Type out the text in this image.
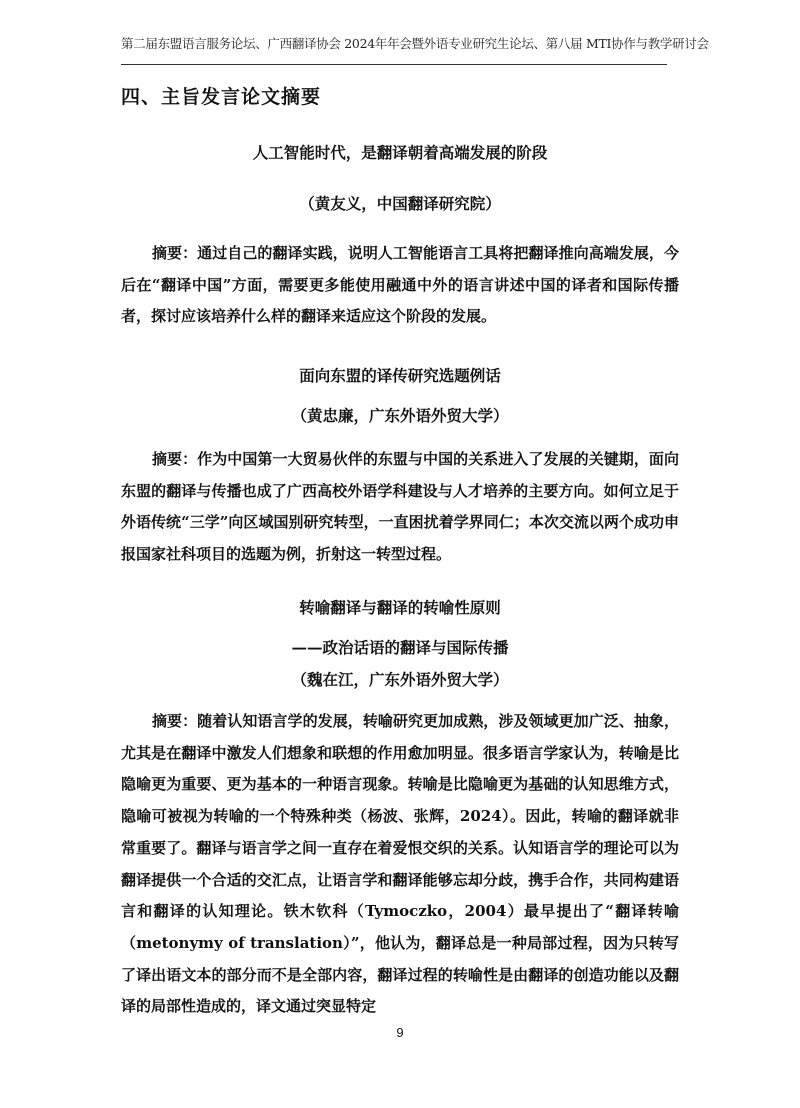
第二届东盟语言服务论坛、广西翻译协会 2024年年会暨外语专业研究生论坛、第八届 MTI协作与教学研讨会
四、主旨发言论文摘要
人工智能时代，是翻译朝着高端发展的阶段
（黄友义，中国翻译研究院）

摘要：通过自己的翻译实践，说明人工智能语言工具将把翻译推向高端发展，今后在“翻译中国”方面，需要更多能使用融通中外的语言讲述中国的译者和国际传播者，探讨应该培养什么样的翻译来适应这个阶段的发展。

面向东盟的译传研究选题例话
（黄忠廉，广东外语外贸大学）

摘要：作为中国第一大贸易伙伴的东盟与中国的关系进入了发展的关键期，面向东盟的翻译与传播也成了广西高校外语学科建设与人才培养的主要方向。如何立足于外语传统“三学”向区域国别研究转型，一直困扰着学界同仁；本次交流以两个成功申报国家社科项目的选题为例，折射这一转型过程。

转喻翻译与翻译的转喻性原则
——政治话语的翻译与国际传播
（魏在江，广东外语外贸大学）

摘要：随着认知语言学的发展，转喻研究更加成熟，涉及领域更加广泛、抽象，尤其是在翻译中激发人们想象和联想的作用愈加明显。很多语言学家认为，转喻是比隐喻更为重要、更为基本的一种语言现象。转喻是比隐喻更为基础的认知思维方式，隐喻可被视为转喻的一个特殊种类（杨波、张辉，2024）。因此，转喻的翻译就非常重要了。翻译与语言学之间一直存在着爱恨交织的关系。认知语言学的理论可以为翻译提供一个合适的交汇点，让语言学和翻译能够忘却分歧，携手合作，共同构建语言和翻译的认知理论。铁木钦科（Tymoczko，2004）最早提出了“翻译转喻（metonymy of translation）”，他认为，翻译总是一种局部过程，因为只转写了译出语文本的部分而不是全部内容，翻译过程的转喻性是由翻译的创造功能以及翻译的局部性造成的，译文通过突显特定

9
